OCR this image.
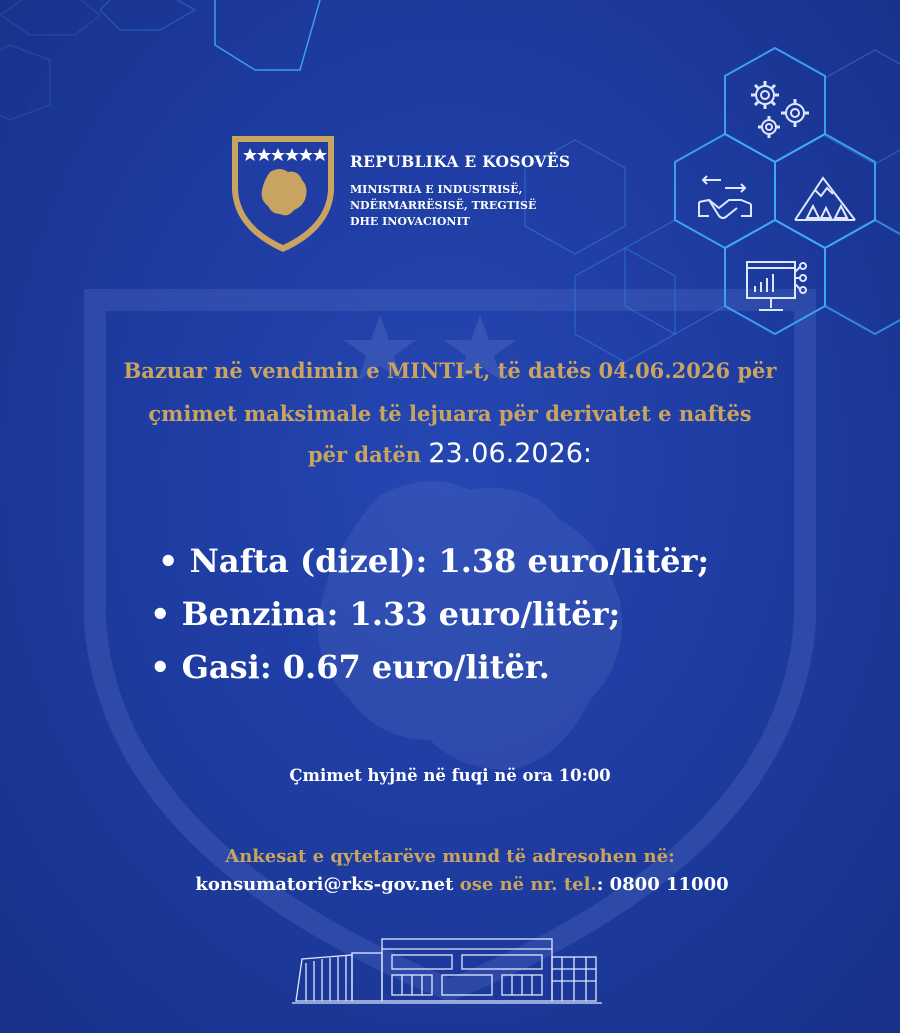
REPUBLIKA E KOSOVËS
MINISTRIA E INDUSTRISË,
NDËRMARRËSISË, TREGTISË
DHE INOVACIONIT
Bazuar në vendimin e MINTI-t, të datës 04.06.2026 për
çmimet maksimale të lejuara për derivatet e naftës
për datën 23.06.2026:
• Nafta (dizel): 1.38 euro/litër;
• Benzina: 1.33 euro/litër;
• Gasi: 0.67 euro/litër.
Çmimet hyjnë në fuqi në ora 10:00
Ankesat e qytetarëve mund të adresohen në:
konsumatori@rks-gov.net ose në nr. tel.: 0800 11000
